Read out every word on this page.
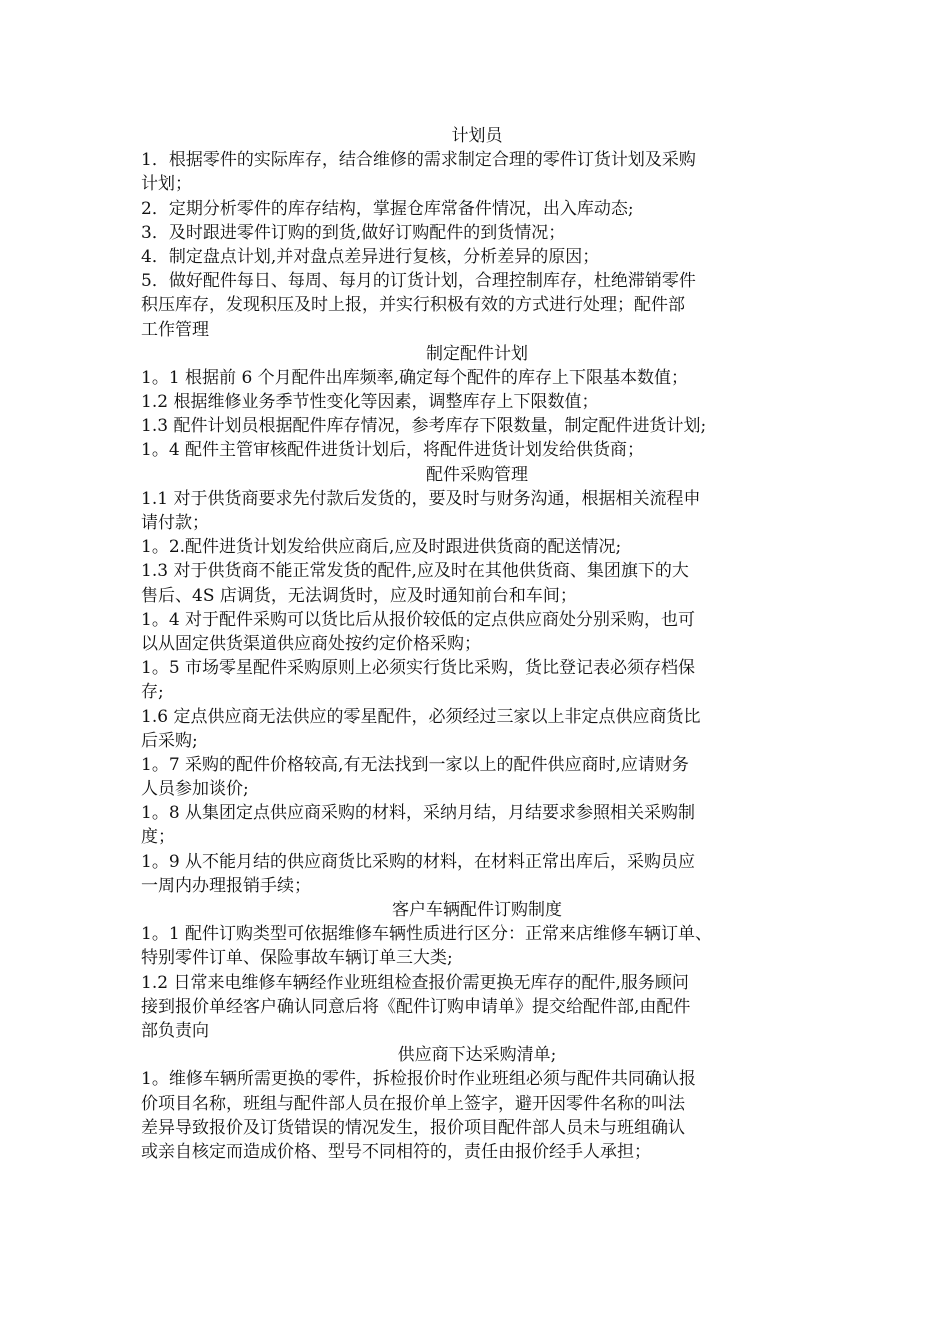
计划员
1．根据零件的实际库存，结合维修的需求制定合理的零件订货计划及采购
计划；
2．定期分析零件的库存结构，掌握仓库常备件情况，出入库动态;
3．及时跟进零件订购的到货,做好订购配件的到货情况；
4．制定盘点计划,并对盘点差异进行复核，分析差异的原因；
5．做好配件每日、每周、每月的订货计划，合理控制库存，杜绝滞销零件
积压库存，发现积压及时上报，并实行积极有效的方式进行处理；配件部
工作管理
制定配件计划
1。1 根据前 6 个月配件出库频率,确定每个配件的库存上下限基本数值；
1.2 根据维修业务季节性变化等因素，调整库存上下限数值；
1.3 配件计划员根据配件库存情况，参考库存下限数量，制定配件进货计划;
1。4 配件主管审核配件进货计划后，将配件进货计划发给供货商；
配件采购管理
1.1 对于供货商要求先付款后发货的，要及时与财务沟通，根据相关流程申
请付款；
1。2.配件进货计划发给供应商后,应及时跟进供货商的配送情况;
1.3 对于供货商不能正常发货的配件,应及时在其他供货商、集团旗下的大
售后、4S 店调货，无法调货时，应及时通知前台和车间；
1。4 对于配件采购可以货比后从报价较低的定点供应商处分别采购，也可
以从固定供货渠道供应商处按约定价格采购；
1。5 市场零星配件采购原则上必须实行货比采购，货比登记表必须存档保
存;
1.6 定点供应商无法供应的零星配件，必须经过三家以上非定点供应商货比
后采购;
1。7 采购的配件价格较高,有无法找到一家以上的配件供应商时,应请财务
人员参加谈价;
1。8 从集团定点供应商采购的材料，采纳月结，月结要求参照相关采购制
度；
1。9 从不能月结的供应商货比采购的材料，在材料正常出库后，采购员应
一周内办理报销手续；
客户车辆配件订购制度
1。1 配件订购类型可依据维修车辆性质进行区分：正常来店维修车辆订单、
特别零件订单、保险事故车辆订单三大类;
1.2 日常来电维修车辆经作业班组检查报价需更换无库存的配件,服务顾问
接到报价单经客户确认同意后将《配件订购申请单》提交给配件部,由配件
部负责向
供应商下达采购清单;
1。维修车辆所需更换的零件，拆检报价时作业班组必须与配件共同确认报
价项目名称，班组与配件部人员在报价单上签字，避开因零件名称的叫法
差异导致报价及订货错误的情况发生，报价项目配件部人员未与班组确认
或亲自核定而造成价格、型号不同相符的，责任由报价经手人承担；
